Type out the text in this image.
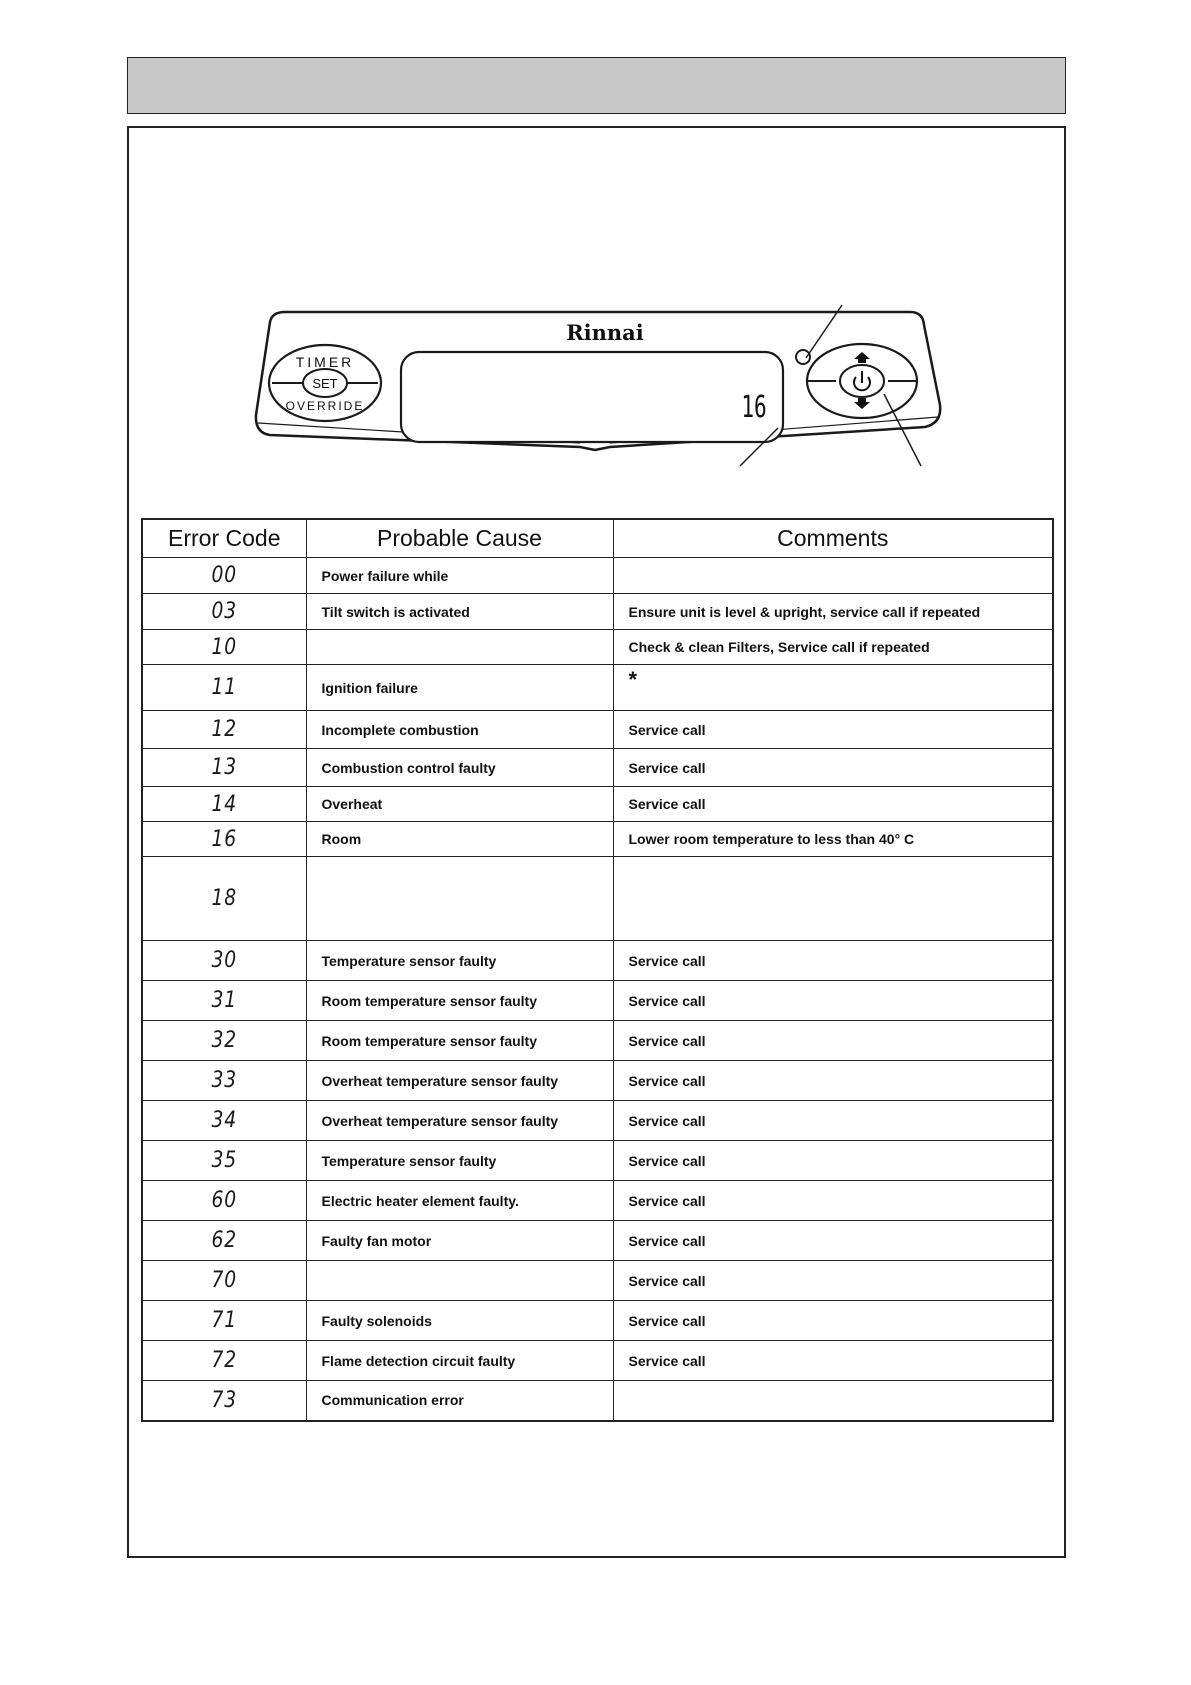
Rinnai
SET
TIMER
OVERRIDE	16
Error Code	Probable Cause	Comments
00	Power failure while	
03	Tilt switch is activated	Ensure unit is level & upright, service call if repeated
10		Check & clean Filters, Service call if repeated
11	Ignition failure	*
12	Incomplete combustion	Service call
13	Combustion control faulty	Service call
14	Overheat	Service call
16	Room	Lower room temperature to less than 40° C
18		
30	Temperature sensor faulty	Service call
31	Room temperature sensor faulty	Service call
32	Room temperature sensor faulty	Service call
33	Overheat temperature sensor faulty	Service call
34	Overheat temperature sensor faulty	Service call
35	Temperature sensor faulty	Service call
60	Electric heater element faulty.	Service call
62	Faulty fan motor	Service call
70		Service call
71	Faulty solenoids	Service call
72	Flame detection circuit faulty	Service call
73	Communication error	
